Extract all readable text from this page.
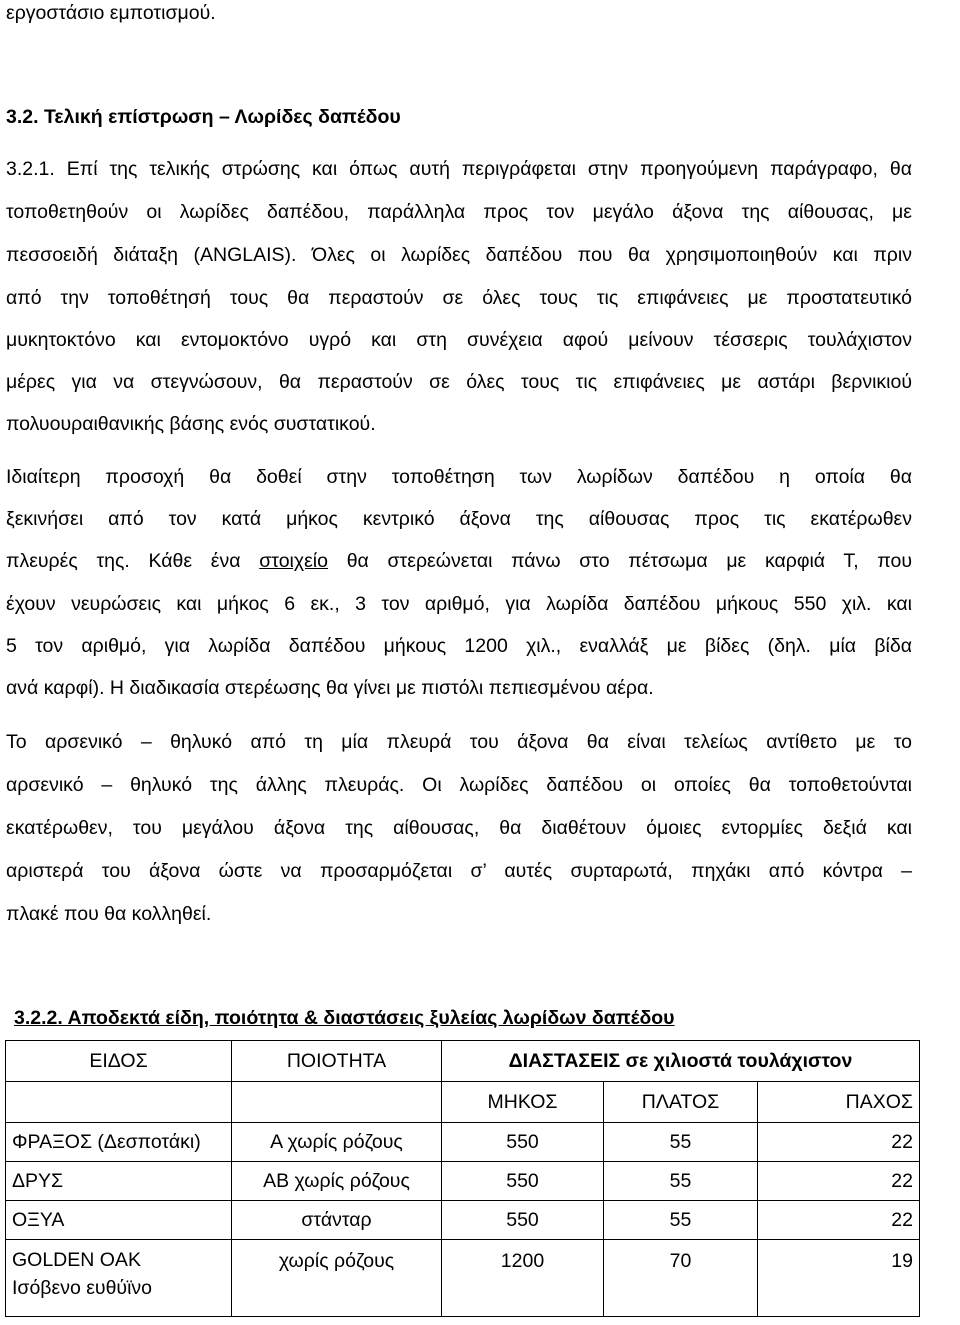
εργοστάσιο εμποτισμού.
3.2. Τελική επίστρωση – Λωρίδες δαπέδου
3.2.1. Επί της τελικής στρώσης και όπως αυτή περιγράφεται στην προηγούμενη παράγραφο, θα
τοποθετηθούν οι λωρίδες δαπέδου, παράλληλα προς τον μεγάλο άξονα της αίθουσας, με
πεσσοειδή διάταξη (ANGLAIS). Όλες οι λωρίδες δαπέδου που θα χρησιμοποιηθούν και πριν
από την τοποθέτησή τους θα περαστούν σε όλες τους τις επιφάνειες με προστατευτικό
μυκητοκτόνο και εντομοκτόνο υγρό και στη συνέχεια αφού μείνουν τέσσερις τουλάχιστον
μέρες για να στεγνώσουν, θα περαστούν σε όλες τους τις επιφάνειες με αστάρι βερνικιού
πολυουραιθανικής βάσης ενός συστατικού.
Ιδιαίτερη προσοχή θα δοθεί στην τοποθέτηση των λωρίδων δαπέδου η οποία θα
ξεκινήσει από τον κατά μήκος κεντρικό άξονα της αίθουσας προς τις εκατέρωθεν
πλευρές της. Κάθε ένα στοιχείο θα στερεώνεται πάνω στο πέτσωμα με καρφιά Τ, που
έχουν νευρώσεις και μήκος 6 εκ., 3 τον αριθμό, για λωρίδα δαπέδου μήκους 550 χιλ. και
5 τον αριθμό, για λωρίδα δαπέδου μήκους 1200 χιλ., εναλλάξ με βίδες (δηλ. μία βίδα
ανά καρφί). Η διαδικασία στερέωσης θα γίνει με πιστόλι πεπιεσμένου αέρα.
Το αρσενικό – θηλυκό από τη μία πλευρά του άξονα θα είναι τελείως αντίθετο με το
αρσενικό – θηλυκό της άλλης πλευράς. Οι λωρίδες δαπέδου οι οποίες θα τοποθετούνται
εκατέρωθεν, του μεγάλου άξονα της αίθουσας, θα διαθέτουν όμοιες εντορμίες δεξιά και
αριστερά του άξονα ώστε να προσαρμόζεται σ’ αυτές συρταρωτά, πηχάκι από κόντρα –
πλακέ που θα κολληθεί.
3.2.2. Αποδεκτά είδη, ποιότητα & διαστάσεις ξυλείας λωρίδων δαπέδου
ΕΙΔΟΣ	ΠΟΙΟΤΗΤΑ	ΔΙΑΣΤΑΣΕΙΣ σε χιλιοστά τουλάχιστον		
		ΜΗΚΟΣ	ΠΛΑΤΟΣ	ΠΑΧΟΣ
ΦΡΑΞΟΣ (Δεσποτάκι)	Α χωρίς ρόζους	550	55	22
ΔΡΥΣ	ΑΒ χωρίς ρόζους	550	55	22
ΟΞΥΑ	στάνταρ	550	55	22

GOLDEN OAK
Ισόβενο ευθύϊνο	χωρίς ρόζους	1200	70	19
